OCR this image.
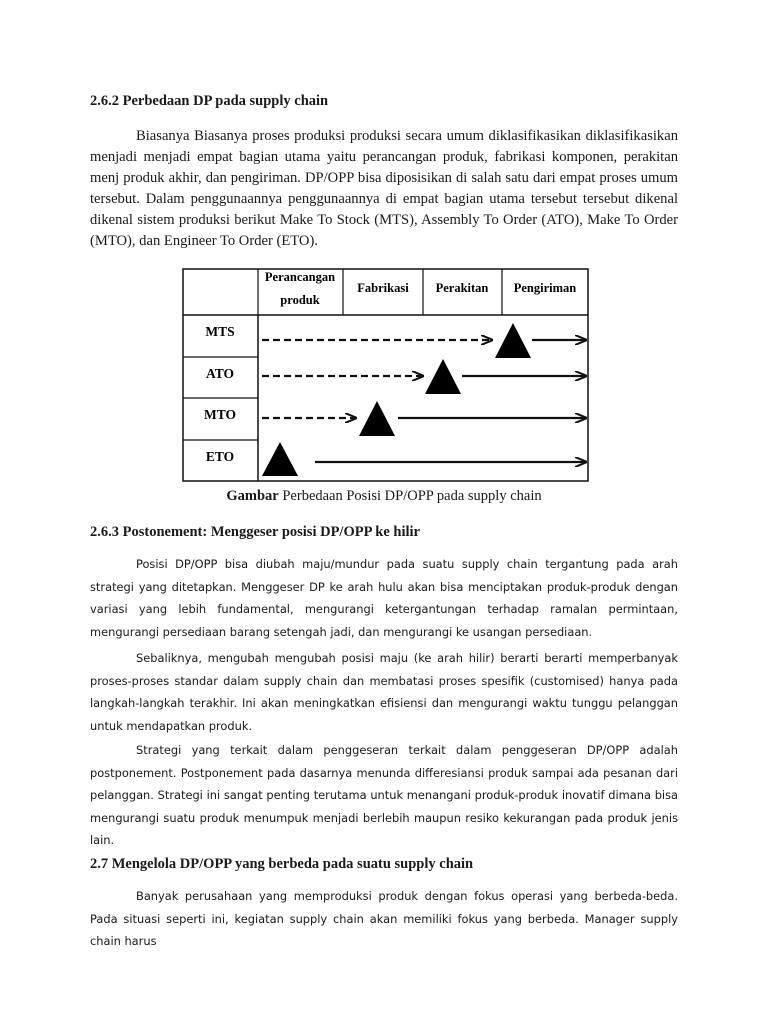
2.6.2 Perbedaan DP pada supply chain

Biasanya Biasanya proses produksi produksi secara umum diklasifikasikan diklasifikasikan menjadi menjadi empat bagian utama yaitu perancangan produk, fabrikasi komponen, perakitan menj produk akhir, dan pengiriman. DP/OPP bisa diposisikan di salah satu dari empat proses umum tersebut. Dalam penggunaannya penggunaannya di empat bagian utama tersebut tersebut dikenal dikenal sistem produksi berikut Make To Stock (MTS), Assembly To Order (ATO), Make To Order (MTO), dan Engineer To Order (ETO).

Perancangan
produk
Fabrikasi Perakitan Pengiriman
MTS
ATO
MTO
ETO

Gambar Perbedaan Posisi DP/OPP pada supply chain

2.6.3 Postonement: Menggeser posisi DP/OPP ke hilir

Posisi DP/OPP bisa diubah maju/mundur pada suatu supply chain tergantung pada arah strategi yang ditetapkan. Menggeser DP ke arah hulu akan bisa menciptakan produk-produk dengan variasi yang lebih fundamental, mengurangi ketergantungan terhadap ramalan permintaan, mengurangi persediaan barang setengah jadi, dan mengurangi ke usangan persediaan.

Sebaliknya, mengubah mengubah posisi maju (ke arah hilir) berarti berarti memperbanyak proses-proses standar dalam supply chain dan membatasi proses spesifik (customised) hanya pada langkah-langkah terakhir. Ini akan meningkatkan efisiensi dan mengurangi waktu tunggu pelanggan untuk mendapatkan produk.

Strategi yang terkait dalam penggeseran terkait dalam penggeseran DP/OPP adalah postponement. Postponement pada dasarnya menunda differesiansi produk sampai ada pesanan dari pelanggan. Strategi ini sangat penting terutama untuk menangani produk-produk inovatif dimana bisa mengurangi suatu produk menumpuk menjadi berlebih maupun resiko kekurangan pada produk jenis lain.

2.7 Mengelola DP/OPP yang berbeda pada suatu supply chain

Banyak perusahaan yang memproduksi produk dengan fokus operasi yang berbeda-beda. Pada situasi seperti ini, kegiatan supply chain akan memiliki fokus yang berbeda. Manager supply chain harus
